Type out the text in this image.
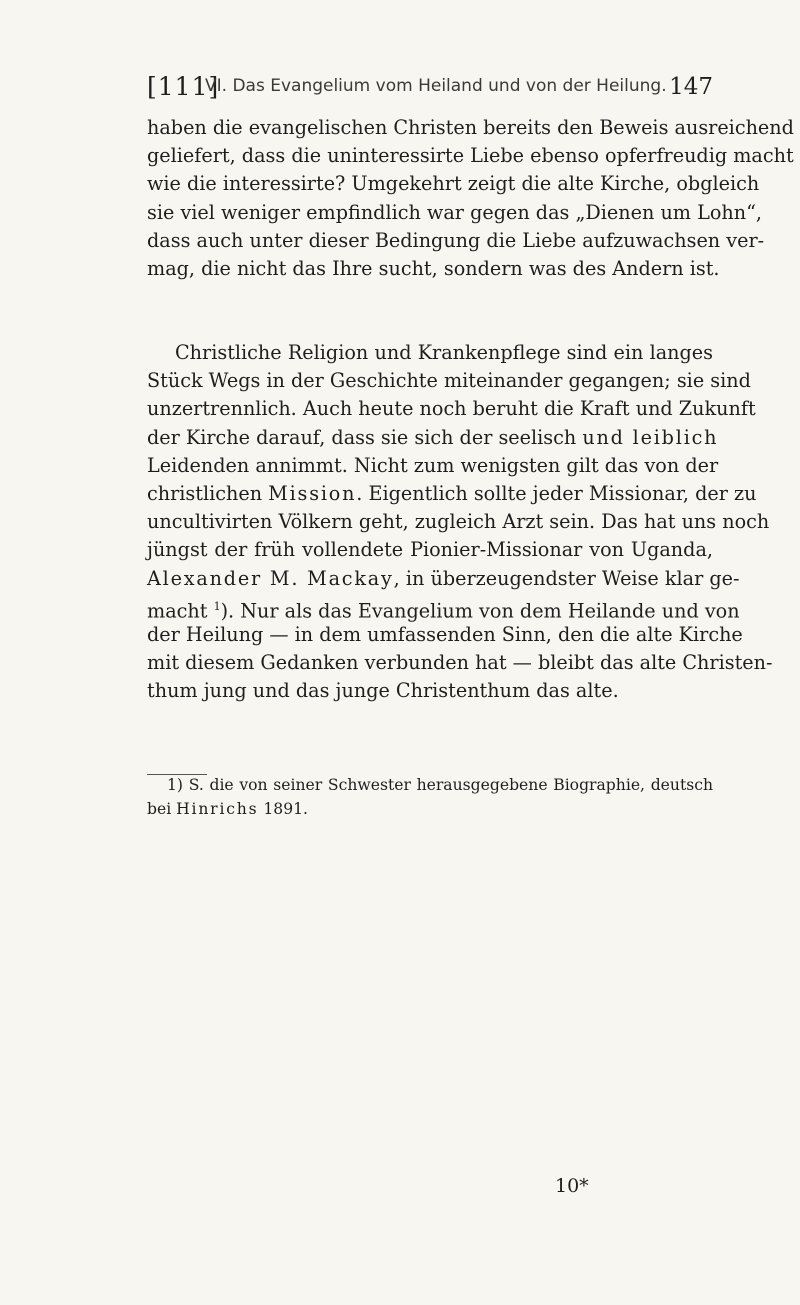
[111]
VI. Das Evangelium vom Heiland und von der Heilung. 147
haben die evangelischen Christen bereits den Beweis ausreichend
geliefert, dass die uninteressirte Liebe ebenso opferfreudig macht
wie die interessirte? Umgekehrt zeigt die alte Kirche, obgleich
sie viel weniger empfindlich war gegen das „Dienen um Lohn“,
dass auch unter dieser Bedingung die Liebe aufzuwachsen ver-
mag, die nicht das Ihre sucht, sondern was des Andern ist.
Christliche Religion und Krankenpflege sind ein langes
Stück Wegs in der Geschichte miteinander gegangen; sie sind
unzertrennlich. Auch heute noch beruht die Kraft und Zukunft
der Kirche darauf, dass sie sich der seelisch und leiblich
Leidenden annimmt. Nicht zum wenigsten gilt das von der
christlichen Mission. Eigentlich sollte jeder Missionar, der zu
uncultivirten Völkern geht, zugleich Arzt sein. Das hat uns noch
jüngst der früh vollendete Pionier-Missionar von Uganda,
Alexander M. Mackay, in überzeugendster Weise klar ge-
macht $^1$). Nur als das Evangelium von dem Heilande und von
der Heilung — in dem umfassenden Sinn, den die alte Kirche
mit diesem Gedanken verbunden hat — bleibt das alte Christen-
thum jung und das junge Christenthum das alte.
1) S. die von seiner Schwester herausgegebene Biographie, deutsch
bei Hinrichs 1891.
10*
